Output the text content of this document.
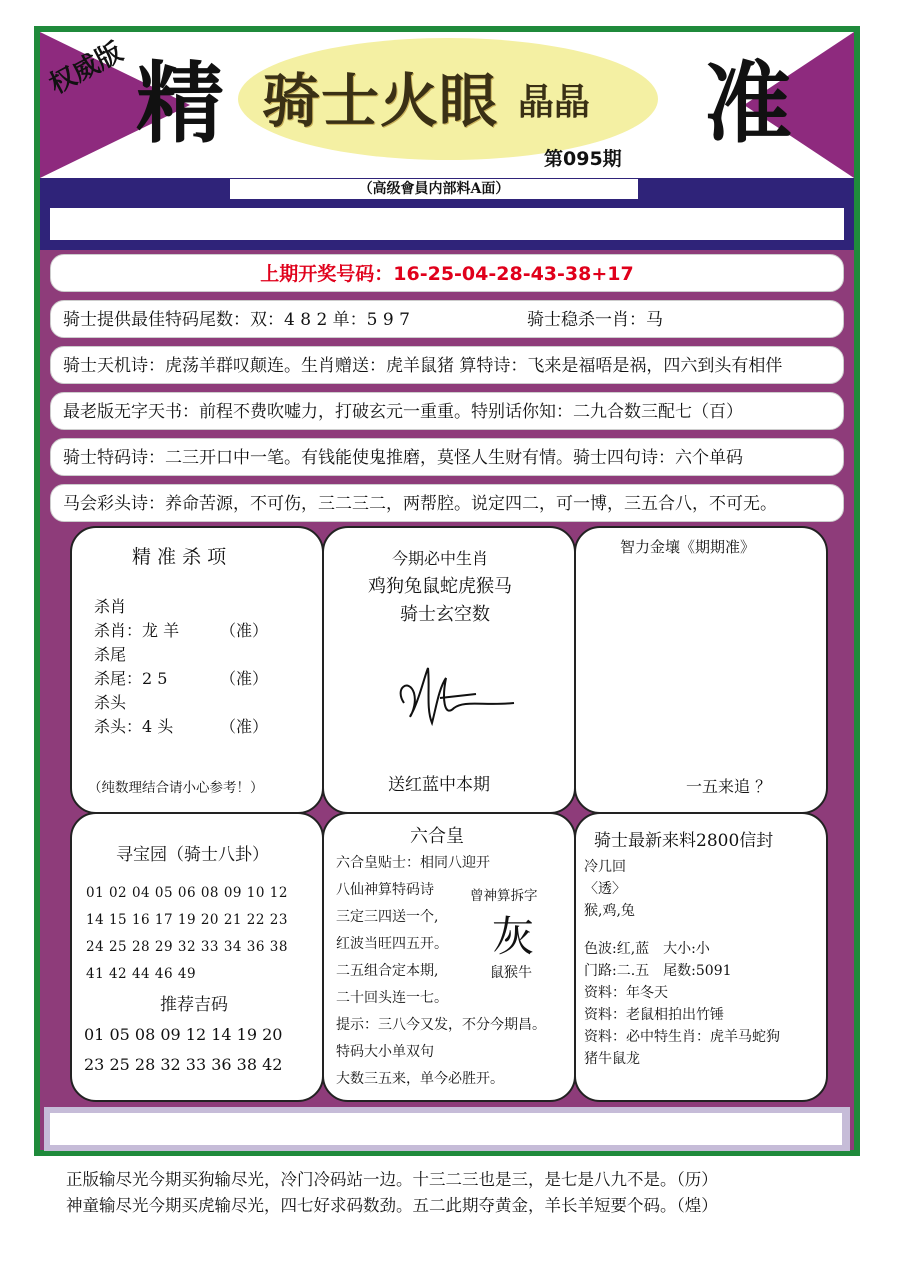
权威版 精 骑士火眼 晶晶 准
第095期
（高级會員内部料A面）
上期开奖号码：16-25-04-28-43-38+17
骑士提供最佳特码尾数：双：4 8 2 单：5 9 7	骑士稳杀一肖：马
骑士天机诗：虎荡羊群叹颠连。生肖赠送：虎羊鼠猪 算特诗：飞来是福唔是祸，四六到头有相伴
最老版无字天书：前程不费吹嘘力，打破玄元一重重。特别话你知：二九合数三配七（百）
骑士特码诗：二三开口中一笔。有钱能使鬼推磨，莫怪人生财有情。骑士四句诗：六个单码
马会彩头诗：养命苦源，不可伤，三二三二，两帮腔。说定四二，可一博，三五合八，不可无。
精 准 杀 项
杀肖
杀肖：龙 羊	（准）
杀尾
杀尾：2 5	（准）
杀头
杀头：4 头	（准）
（纯数理结合请小心参考！）
今期必中生肖
鸡狗兔鼠蛇虎猴马
骑士玄空数
送红蓝中本期
智力金壤《期期准》
一五来追 ？
寻宝园（骑士八卦）
01 02 04 05 06 08 09 10 12
14 15 16 17 19 20 21 22 23
24 25 28 29 32 33 34 36 38
41 42 44 46 49
推荐吉码
01 05 08 09 12 14 19 20
23 25 28 32 33 36 38 42
六合皇
六合皇贴士：相同八迎开
八仙神算特码诗
三定三四送一个,
红波当旺四五开。
二五组合定本期,
二十回头连一七。
提示：三八今又发，不分今期昌。
特码大小单双句
大数三五来，单今必胜开。
曾神算拆字
灰
鼠猴牛
骑士最新来料2800信封
冷几回
〈透〉
猴,鸡,兔
色波:红,蓝　大小:小
门路:二.五　尾数:5091
资料：年冬天
资料：老鼠相拍出竹锤
资料：必中特生肖：虎羊马蛇狗
猪牛鼠龙
正版输尽光今期买狗输尽光，冷门冷码站一边。十三二三也是三，是七是八九不是。（历）
神童输尽光今期买虎输尽光，四七好求码数劲。五二此期夺黄金，羊长羊短要个码。（煌）
